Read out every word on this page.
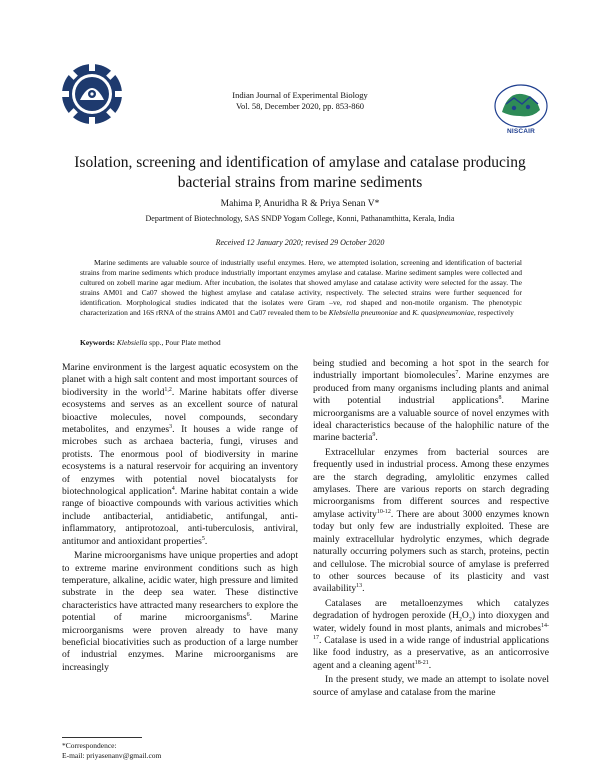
Indian Journal of Experimental Biology
Vol. 58, December 2020, pp. 853-860
NISCAIR
Isolation, screening and identification of amylase and catalase producing bacterial strains from marine sediments
Mahima P, Anuridha R & Priya Senan V*
Department of Biotechnology, SAS SNDP Yogam College, Konni, Pathanamthitta, Kerala, India
Received 12 January 2020; revised 29 October 2020

Marine sediments are valuable source of industrially useful enzymes. Here, we attempted isolation, screening and identification of bacterial strains from marine sediments which produce industrially important enzymes amylase and catalase. Marine sediment samples were collected and cultured on zobell marine agar medium. After incubation, the isolates that showed amylase and catalase activity were selected for the assay. The strains AM01 and Ca07 showed the highest amylase and catalase activity, respectively. The selected strains were further sequenced for identification. Morphological studies indicated that the isolates were Gram –ve, rod shaped and non-motile organism. The phenotypic characterization and 16S rRNA of the strains AM01 and Ca07 revealed them to be Klebsiella pneumoniae and K. quasipneumoniae, respectively

Keywords: Klebsiella spp., Pour Plate method

Marine environment is the largest aquatic ecosystem on the planet with a high salt content and most important sources of biodiversity in the world$^{1,2}$. Marine habitats offer diverse ecosystems and serves as an excellent source of natural bioactive molecules, novel compounds, secondary metabolites, and enzymes$^3$. It houses a wide range of microbes such as archaea bacteria, fungi, viruses and protists. The enormous pool of biodiversity in marine ecosystems is a natural reservoir for acquiring an inventory of enzymes with potential novel biocatalysts for biotechnological application$^4$. Marine habitat contain a wide range of bioactive compounds with various activities which include antibacterial, antidiabetic, antifungal, anti-inflammatory, antiprotozoal, anti-tuberculosis, antiviral, antitumor and antioxidant properties$^5$.

Marine microorganisms have unique properties and adopt to extreme marine environment conditions such as high temperature, alkaline, acidic water, high pressure and limited substrate in the deep sea water. These distinctive characteristics have attracted many researchers to explore the potential of marine microorganisms$^6$. Marine microorganisms were proven already to have many beneficial biocativities such as production of a large number of industrial enzymes. Marine microorganisms are increasingly

being studied and becoming a hot spot in the search for industrially important biomolecules$^7$. Marine enzymes are produced from many organisms including plants and animal with potential industrial applications$^8$. Marine microorganisms are a valuable source of novel enzymes with ideal characteristics because of the halophilic nature of the marine bacteria$^9$.

Extracellular enzymes from bacterial sources are frequently used in industrial process. Among these enzymes are the starch degrading, amylolitic enzymes called amylases. There are various reports on starch degrading microorganisms from different sources and respective amylase activity$^{10-12}$. There are about 3000 enzymes known today but only few are industrially exploited. These are mainly extracellular hydrolytic enzymes, which degrade naturally occurring polymers such as starch, proteins, pectin and cellulose. The microbial source of amylase is preferred to other sources because of its plasticity and vast availability$^{13}$.

Catalases are metalloenzymes which catalyzes degradation of hydrogen peroxide $(H_2O_2)$ into dioxygen and water, widely found in most plants, animals and microbes$^{14-17}$. Catalase is used in a wide range of industrial applications like food industry, as a preservative, as an anticorrosive agent and a cleaning agent$^{18-21}$.

In the present study, we made an attempt to isolate novel source of amylase and catalase from the marine

*Correspondence:
E-mail: priyasenanv@gmail.com
